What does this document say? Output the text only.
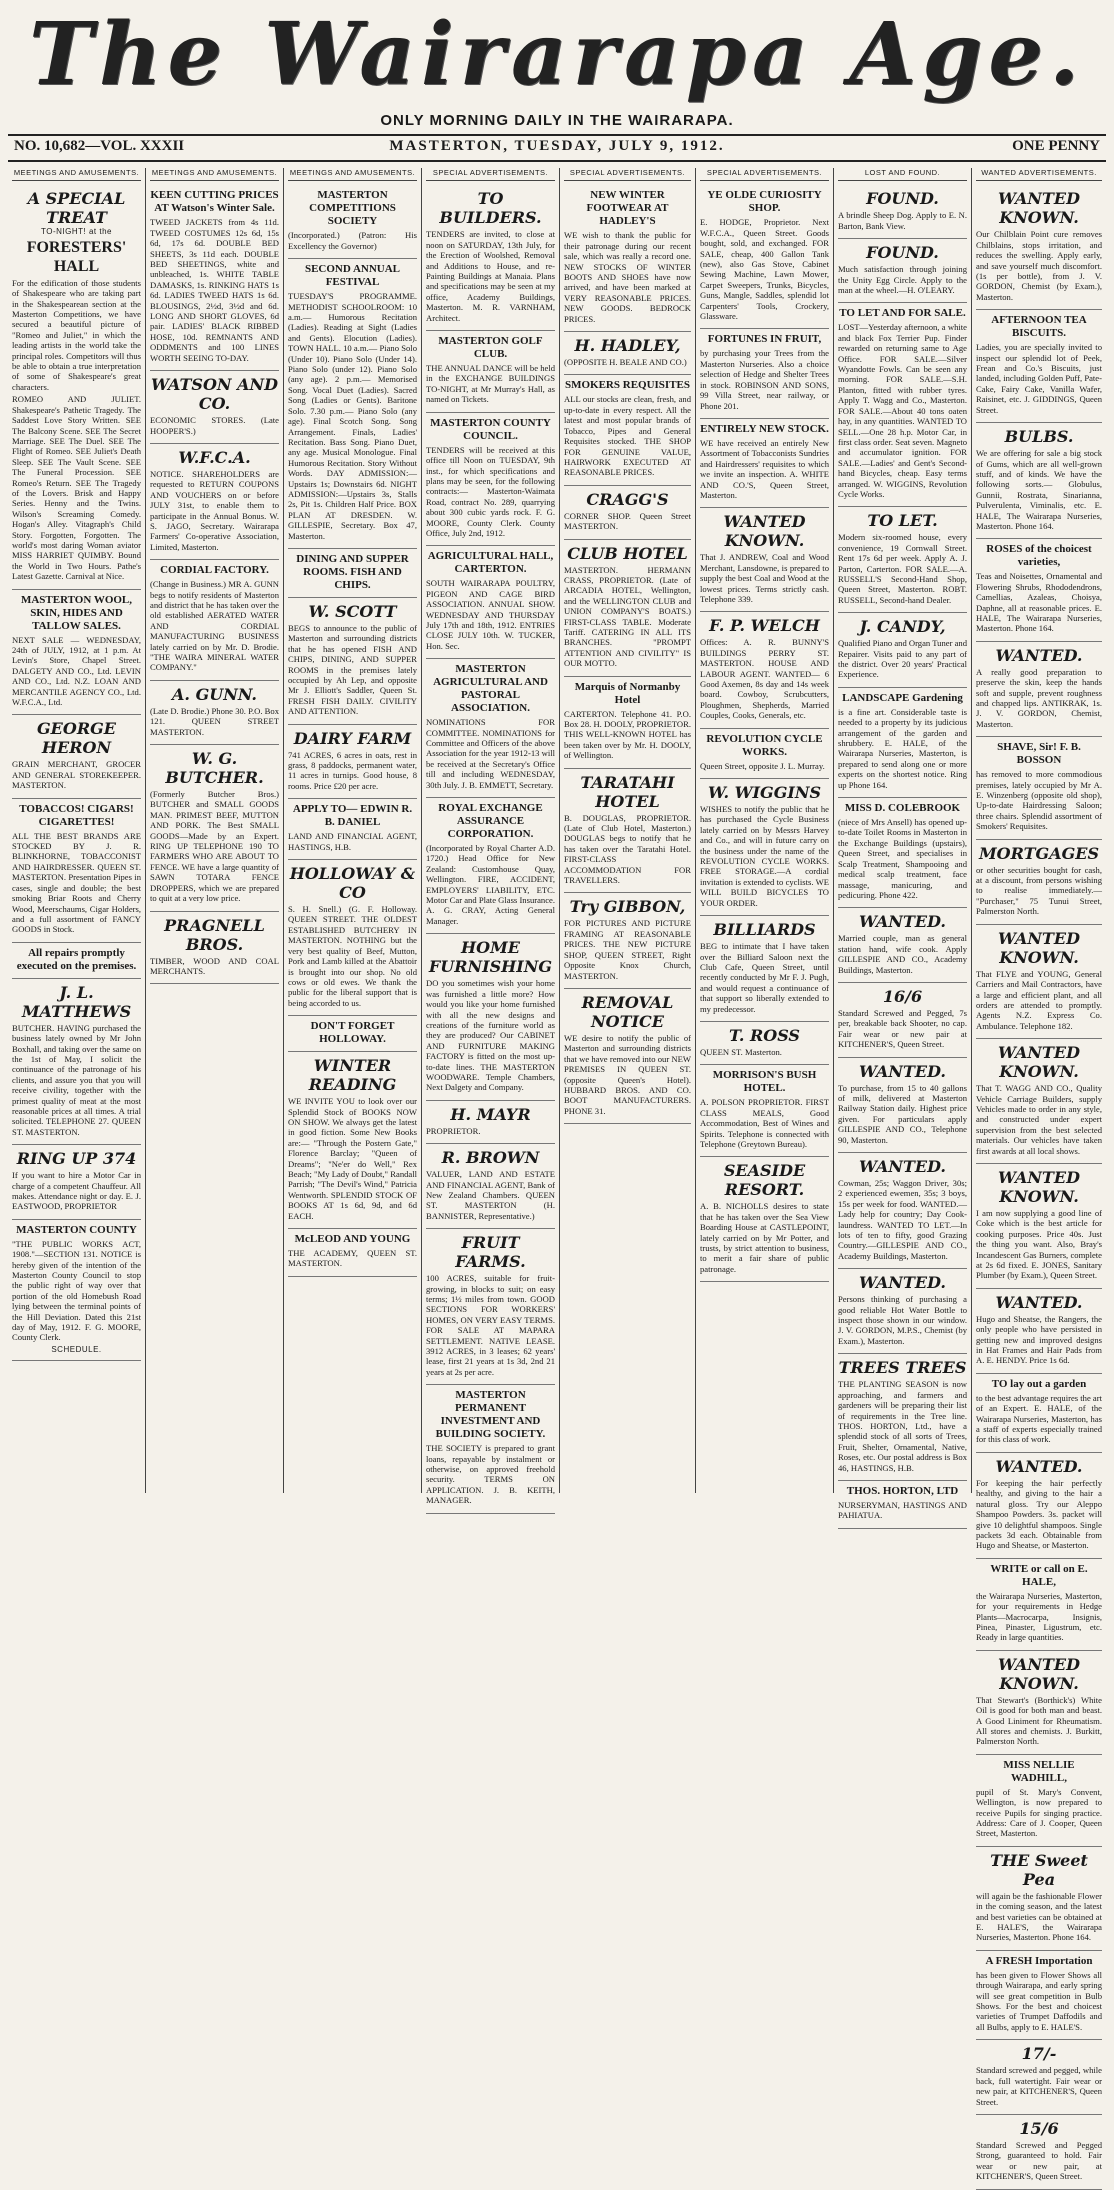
The Wairarapa Age.
ONLY MORNING DAILY IN THE WAIRARAPA.
NO. 10,682—VOL. XXXII	MASTERTON, TUESDAY, JULY 9, 1912.	ONE PENNY
MEETINGS AND AMUSEMENTS.
A SPECIAL TREAT
TO-NIGHT! at the
FORESTERS' HALL

For the edification of those students of Shakespeare who are taking part in the Shakespearean section at the Masterton Competitions, we have secured a beautiful picture of "Romeo and Juliet," in which the leading artists in the world take the principal roles. Competitors will thus be able to obtain a true interpretation of some of Shakespeare's great characters.

ROMEO AND JULIET. Shakespeare's Pathetic Tragedy. The Saddest Love Story Written. SEE The Balcony Scene. SEE The Secret Marriage. SEE The Duel. SEE The Flight of Romeo. SEE Juliet's Death Sleep. SEE The Vault Scene. SEE The Funeral Procession. SEE Romeo's Return. SEE The Tragedy of the Lovers. Brisk and Happy Series. Henny and the Twins. Wilson's Screaming Comedy. Hogan's Alley. Vitagraph's Child Story. Forgotten, Forgotten. The world's most daring Woman aviator MISS HARRIET QUIMBY. Bound the World in Two Hours. Pathe's Latest Gazette. Carnival at Nice.

MASTERTON WOOL, SKIN, HIDES AND TALLOW SALES.

NEXT SALE — WEDNESDAY, 24th of JULY, 1912, at 1 p.m. At Levin's Store, Chapel Street. DALGETY AND CO., Ltd. LEVIN AND CO., Ltd. N.Z. LOAN AND MERCANTILE AGENCY CO., Ltd. W.F.C.A., Ltd.

GEORGE HERON

GRAIN MERCHANT, GROCER AND GENERAL STOREKEEPER. MASTERTON.

TOBACCOS! CIGARS! CIGARETTES!

ALL THE BEST BRANDS ARE STOCKED BY J. R. BLINKHORNE, TOBACCONIST AND HAIRDRESSER. QUEEN ST. MASTERTON. Presentation Pipes in cases, single and double; the best smoking Briar Roots and Cherry Wood, Meerschaums, Cigar Holders, and a full assortment of FANCY GOODS in Stock.

All repairs promptly executed on the premises.
J. L. MATTHEWS

BUTCHER. HAVING purchased the business lately owned by Mr John Boxhall, and taking over the same on the 1st of May, I solicit the continuance of the patronage of his clients, and assure you that you will receive civility, together with the primest quality of meat at the most reasonable prices at all times. A trial solicited. TELEPHONE 27. QUEEN ST. MASTERTON.

RING UP 374

If you want to hire a Motor Car in charge of a competent Chauffeur. All makes. Attendance night or day. E. J. EASTWOOD, PROPRIETOR

MASTERTON COUNTY

"THE PUBLIC WORKS ACT, 1908."—SECTION 131. NOTICE is hereby given of the intention of the Masterton County Council to stop the public right of way over that portion of the old Homebush Road lying between the terminal points of the Hill Deviation. Dated this 21st day of May, 1912. F. G. MOORE, County Clerk.

SCHEDULE.
MEETINGS AND AMUSEMENTS.
KEEN CUTTING PRICES AT Watson's Winter Sale.

TWEED JACKETS from 4s 11d. TWEED COSTUMES 12s 6d, 15s 6d, 17s 6d. DOUBLE BED SHEETS, 3s 11d each. DOUBLE BED SHEETINGS, white and unbleached, 1s. WHITE TABLE DAMASKS, 1s. RINKING HATS 1s 6d. LADIES TWEED HATS 1s 6d. BLOUSINGS, 2½d, 3½d and 6d. LONG AND SHORT GLOVES, 6d pair. LADIES' BLACK RIBBED HOSE, 10d. REMNANTS AND ODDMENTS and 100 LINES WORTH SEEING TO-DAY.

WATSON AND CO.

ECONOMIC STORES. (Late HOOPER'S.)

W.F.C.A.

NOTICE. SHAREHOLDERS are requested to RETURN COUPONS AND VOUCHERS on or before JULY 31st, to enable them to participate in the Annual Bonus. W. S. JAGO, Secretary. Wairarapa Farmers' Co-operative Association, Limited, Masterton.

CORDIAL FACTORY.

(Change in Business.) MR A. GUNN begs to notify residents of Masterton and district that he has taken over the old established AERATED WATER AND CORDIAL MANUFACTURING BUSINESS lately carried on by Mr. D. Brodie. "THE WAIRA MINERAL WATER COMPANY."

A. GUNN.

(Late D. Brodie.) Phone 30. P.O. Box 121. QUEEN STREET MASTERTON.

W. G. BUTCHER.

(Formerly Butcher Bros.) BUTCHER and SMALL GOODS MAN. PRIMEST BEEF, MUTTON AND PORK. The Best SMALL GOODS—Made by an Expert. RING UP TELEPHONE 190 TO FARMERS WHO ARE ABOUT TO FENCE. WE have a large quantity of SAWN TOTARA FENCE DROPPERS, which we are prepared to quit at a very low price.

PRAGNELL BROS.

TIMBER, WOOD AND COAL MERCHANTS.

MEETINGS AND AMUSEMENTS.
MASTERTON COMPETITIONS SOCIETY

(Incorporated.) (Patron: His Excellency the Governor)

SECOND ANNUAL FESTIVAL

TUESDAY'S PROGRAMME. METHODIST SCHOOLROOM: 10 a.m.— Humorous Recitation (Ladies). Reading at Sight (Ladies and Gents). Elocution (Ladies). TOWN HALL. 10 a.m.— Piano Solo (Under 10). Piano Solo (Under 14). Piano Solo (under 12). Piano Solo (any age). 2 p.m.— Memorised Song. Vocal Duet (Ladies). Sacred Song (Ladies or Gents). Baritone Solo. 7.30 p.m.— Piano Solo (any age). Final Scotch Song. Song Arrangement. Finals, Ladies' Recitation. Bass Song. Piano Duet, any age. Musical Monologue. Final Humorous Recitation. Story Without Words. DAY ADMISSION:—Upstairs 1s; Downstairs 6d. NIGHT ADMISSION:—Upstairs 3s, Stalls 2s, Pit 1s. Children Half Price. BOX PLAN AT DRESDEN. W. GILLESPIE, Secretary. Box 47, Masterton.

DINING AND SUPPER ROOMS. FISH AND CHIPS.
W. SCOTT

BEGS to announce to the public of Masterton and surrounding districts that he has opened FISH AND CHIPS, DINING, AND SUPPER ROOMS in the premises lately occupied by Ah Lep, and opposite Mr J. Elliott's Saddler, Queen St. FRESH FISH DAILY. CIVILITY AND ATTENTION.

DAIRY FARM

741 ACRES, 6 acres in oats, rest in grass, 8 paddocks, permanent water, 11 acres in turnips. Good house, 8 rooms. Price £20 per acre.

APPLY TO— EDWIN R. B. DANIEL

LAND AND FINANCIAL AGENT, HASTINGS, H.B.

HOLLOWAY & CO

S. H. Snell.) (G. F. Holloway. QUEEN STREET. THE OLDEST ESTABLISHED BUTCHERY IN MASTERTON. NOTHING but the very best quality of Beef, Mutton, Pork and Lamb killed at the Abattoir is brought into our shop. No old cows or old ewes. We thank the public for the liberal support that is being accorded to us.

DON'T FORGET HOLLOWAY.
WINTER READING

WE INVITE YOU to look over our Splendid Stock of BOOKS NOW ON SHOW. We always get the latest in good fiction. Some New Books are:— "Through the Postern Gate," Florence Barclay; "Queen of Dreams"; "Ne'er do Well," Rex Beach; "My Lady of Doubt," Randall Parrish; "The Devil's Wind," Patricia Wentworth. SPLENDID STOCK OF BOOKS AT 1s 6d, 9d, and 6d EACH.

McLEOD AND YOUNG

THE ACADEMY, QUEEN ST. MASTERTON.

SPECIAL ADVERTISEMENTS.
TO BUILDERS.

TENDERS are invited, to close at noon on SATURDAY, 13th July, for the Erection of Woolshed, Removal and Additions to House, and re-Painting Buildings at Manaia. Plans and specifications may be seen at my office, Academy Buildings, Masterton. M. R. VARNHAM, Architect.

MASTERTON GOLF CLUB.

THE ANNUAL DANCE will be held in the EXCHANGE BUILDINGS TO-NIGHT, at Mr Murray's Hall, as named on Tickets.

MASTERTON COUNTY COUNCIL.

TENDERS will be received at this office till Noon on TUESDAY, 9th inst., for which specifications and plans may be seen, for the following contracts:— Masterton-Waimata Road, contract No. 289, quarrying about 300 cubic yards rock. F. G. MOORE, County Clerk. County Office, July 2nd, 1912.

AGRICULTURAL HALL, CARTERTON.

SOUTH WAIRARAPA POULTRY, PIGEON AND CAGE BIRD ASSOCIATION. ANNUAL SHOW. WEDNESDAY AND THURSDAY July 17th and 18th, 1912. ENTRIES CLOSE JULY 10th. W. TUCKER, Hon. Sec.

MASTERTON AGRICULTURAL AND PASTORAL ASSOCIATION.

NOMINATIONS FOR COMMITTEE. NOMINATIONS for Committee and Officers of the above Association for the year 1912-13 will be received at the Secretary's Office till and including WEDNESDAY, 30th July. J. B. EMMETT, Secretary.

ROYAL EXCHANGE ASSURANCE CORPORATION.

(Incorporated by Royal Charter A.D. 1720.) Head Office for New Zealand: Customhouse Quay, Wellington. FIRE, ACCIDENT, EMPLOYERS' LIABILITY, ETC. Motor Car and Plate Glass Insurance. A. G. CRAY, Acting General Manager.

HOME FURNISHING

DO you sometimes wish your home was furnished a little more? How would you like your home furnished with all the new designs and creations of the furniture world as they are produced? Our CABINET AND FURNITURE MAKING FACTORY is fitted on the most up-to-date lines. THE MASTERTON WOODWARE. Temple Chambers, Next Dalgety and Company.

H. MAYR

PROPRIETOR.

R. BROWN

VALUER, LAND AND ESTATE AND FINANCIAL AGENT, Bank of New Zealand Chambers. QUEEN ST. MASTERTON (H. BANNISTER, Representative.)

FRUIT FARMS.

100 ACRES, suitable for fruit-growing, in blocks to suit; on easy terms; 1½ miles from town. GOOD SECTIONS FOR WORKERS' HOMES, ON VERY EASY TERMS. FOR SALE AT MAPARA SETTLEMENT. NATIVE LEASE. 3912 ACRES, in 3 leases; 62 years' lease, first 21 years at 1s 3d, 2nd 21 years at 2s per acre.

MASTERTON PERMANENT INVESTMENT AND BUILDING SOCIETY.

THE SOCIETY is prepared to grant loans, repayable by instalment or otherwise, on approved freehold security. TERMS ON APPLICATION. J. B. KEITH, MANAGER.

SPECIAL ADVERTISEMENTS.
NEW WINTER FOOTWEAR AT HADLEY'S

WE wish to thank the public for their patronage during our recent sale, which was really a record one. NEW STOCKS OF WINTER BOOTS AND SHOES have now arrived, and have been marked at VERY REASONABLE PRICES. NEW GOODS. BEDROCK PRICES.

H. HADLEY,

(OPPOSITE H. BEALE AND CO.)

SMOKERS REQUISITES

ALL our stocks are clean, fresh, and up-to-date in every respect. All the latest and most popular brands of Tobacco, Pipes and General Requisites stocked. THE SHOP FOR GENUINE VALUE, HAIRWORK EXECUTED AT REASONABLE PRICES.

CRAGG'S

CORNER SHOP. Queen Street MASTERTON.

CLUB HOTEL

MASTERTON. HERMANN CRASS, PROPRIETOR. (Late of ARCADIA HOTEL, Wellington, and the WELLINGTON CLUB and UNION COMPANY'S BOATS.) FIRST-CLASS TABLE. Moderate Tariff. CATERING IN ALL ITS BRANCHES. "PROMPT ATTENTION AND CIVILITY" IS OUR MOTTO.

Marquis of Normanby Hotel

CARTERTON. Telephone 41. P.O. Box 28. H. DOOLY, PROPRIETOR. THIS WELL-KNOWN HOTEL has been taken over by Mr. H. DOOLY, of Wellington.

TARATAHI HOTEL

B. DOUGLAS, PROPRIETOR. (Late of Club Hotel, Masterton.) DOUGLAS begs to notify that he has taken over the Taratahi Hotel. FIRST-CLASS ACCOMMODATION FOR TRAVELLERS.

Try GIBBON,

FOR PICTURES AND PICTURE FRAMING AT REASONABLE PRICES. THE NEW PICTURE SHOP, QUEEN STREET, Right Opposite Knox Church, MASTERTON.

REMOVAL NOTICE

WE desire to notify the public of Masterton and surrounding districts that we have removed into our NEW PREMISES IN QUEEN ST. (opposite Queen's Hotel). HUBBARD BROS. AND CO. BOOT MANUFACTURERS. PHONE 31.

SPECIAL ADVERTISEMENTS.
YE OLDE CURIOSITY SHOP.

E. HODGE, Proprietor. Next W.F.C.A., Queen Street. Goods bought, sold, and exchanged. FOR SALE, cheap, 400 Gallon Tank (new), also Gas Stove, Cabinet Sewing Machine, Lawn Mower, Carpet Sweepers, Trunks, Bicycles, Guns, Mangle, Saddles, splendid lot Carpenters' Tools, Crockery, Glassware.

FORTUNES IN FRUIT,

by purchasing your Trees from the Masterton Nurseries. Also a choice selection of Hedge and Shelter Trees in stock. ROBINSON AND SONS, 99 Villa Street, near railway, or Phone 201.

ENTIRELY NEW STOCK.

WE have received an entirely New Assortment of Tobacconists Sundries and Hairdressers' requisites to which we invite an inspection. A. WHITE AND CO.'S, Queen Street, Masterton.

WANTED KNOWN.

That J. ANDREW, Coal and Wood Merchant, Lansdowne, is prepared to supply the best Coal and Wood at the lowest prices. Terms strictly cash. Telephone 339.

F. P. WELCH

Offices: A. R. BUNNY'S BUILDINGS PERRY ST. MASTERTON. HOUSE AND LABOUR AGENT. WANTED— 6 Good Axemen, 8s day and 14s week board. Cowboy, Scrubcutters, Ploughmen, Shepherds, Married Couples, Cooks, Generals, etc.

REVOLUTION CYCLE WORKS.

Queen Street, opposite J. L. Murray.

W. WIGGINS

WISHES to notify the public that he has purchased the Cycle Business lately carried on by Messrs Harvey and Co., and will in future carry on the business under the name of the REVOLUTION CYCLE WORKS. FREE STORAGE.—A cordial invitation is extended to cyclists. WE WILL BUILD BICYCLES TO YOUR ORDER.

BILLIARDS

BEG to intimate that I have taken over the Billiard Saloon next the Club Cafe, Queen Street, until recently conducted by Mr F. J. Pugh, and would request a continuance of that support so liberally extended to my predecessor.

T. ROSS

QUEEN ST. Masterton.

MORRISON'S BUSH HOTEL.

A. POLSON PROPRIETOR. FIRST CLASS MEALS, Good Accommodation, Best of Wines and Spirits. Telephone is connected with Telephone (Greytown Bureau).

SEASIDE RESORT.

A. B. NICHOLLS desires to state that he has taken over the Sea View Boarding House at CASTLEPOINT, lately carried on by Mr Potter, and trusts, by strict attention to business, to merit a fair share of public patronage.

LOST AND FOUND.
FOUND.

A brindle Sheep Dog. Apply to E. N. Barton, Bank View.

FOUND.

Much satisfaction through joining the Unity Egg Circle. Apply to the man at the wheel.—H. O'LEARY.

TO LET AND FOR SALE.

LOST—Yesterday afternoon, a white and black Fox Terrier Pup. Finder rewarded on returning same to Age Office. FOR SALE.—Silver Wyandotte Fowls. Can be seen any morning. FOR SALE.—S.H. Planton, fitted with rubber tyres. Apply T. Wagg and Co., Masterton. FOR SALE.—About 40 tons oaten hay, in any quantities. WANTED TO SELL.—One 28 h.p. Motor Car, in first class order. Seat seven. Magneto and accumulator ignition. FOR SALE.—Ladies' and Gent's Second-hand Bicycles, cheap. Easy terms arranged. W. WIGGINS, Revolution Cycle Works.

TO LET.

Modern six-roomed house, every convenience, 19 Cornwall Street. Rent 17s 6d per week. Apply A. J. Parton, Carterton. FOR SALE.—A. RUSSELL'S Second-Hand Shop, Queen Street, Masterton. ROBT. RUSSELL, Second-hand Dealer.

J. CANDY,

Qualified Piano and Organ Tuner and Repairer. Visits paid to any part of the district. Over 20 years' Practical Experience.

LANDSCAPE Gardening

is a fine art. Considerable taste is needed to a property by its judicious arrangement of the garden and shrubbery. E. HALE, of the Wairarapa Nurseries, Masterton, is prepared to send along one or more experts on the shortest notice. Ring up Phone 164.

MISS D. COLEBROOK

(niece of Mrs Ansell) has opened up-to-date Toilet Rooms in Masterton in the Exchange Buildings (upstairs), Queen Street, and specialises in Scalp Treatment, Shampooing and medical scalp treatment, face massage, manicuring, and pedicuring. Phone 422.

WANTED.

Married couple, man as general station hand, wife cook. Apply GILLESPIE AND CO., Academy Buildings, Masterton.

16/6

Standard Screwed and Pegged, 7s per, breakable back Shooter, no cap. Fair wear or new pair at KITCHENER'S, Queen Street.

WANTED.

To purchase, from 15 to 40 gallons of milk, delivered at Masterton Railway Station daily. Highest price given. For particulars apply GILLESPIE AND CO., Telephone 90, Masterton.

WANTED.

Cowman, 25s; Waggon Driver, 30s; 2 experienced ewemen, 35s; 3 boys, 15s per week for food. WANTED.—Lady help for country; Day Cook-laundress. WANTED TO LET.—In lots of ten to fifty, good Grazing Country.—GILLESPIE AND CO., Academy Buildings, Masterton.

WANTED.

Persons thinking of purchasing a good reliable Hot Water Bottle to inspect those shown in our window. J. V. GORDON, M.P.S., Chemist (by Exam.), Masterton.

TREES TREES

THE PLANTING SEASON is now approaching, and farmers and gardeners will be preparing their list of requirements in the Tree line. THOS. HORTON, Ltd., have a splendid stock of all sorts of Trees, Fruit, Shelter, Ornamental, Native, Roses, etc. Our postal address is Box 46, HASTINGS, H.B.

THOS. HORTON, LTD

NURSERYMAN, HASTINGS AND PAHIATUA.

WANTED ADVERTISEMENTS.
WANTED KNOWN.

Our Chilblain Point cure removes Chilblains, stops irritation, and reduces the swelling. Apply early, and save yourself much discomfort. (1s per bottle), from J. V. GORDON, Chemist (by Exam.), Masterton.

AFTERNOON TEA BISCUITS.

Ladies, you are specially invited to inspect our splendid lot of Peek, Frean and Co.'s Biscuits, just landed, including Golden Puff, Pate-Cake, Fairy Cake, Vanilla Wafer, Raisinet, etc. J. GIDDINGS, Queen Street.

BULBS.

We are offering for sale a big stock of Gums, which are all well-grown stuff, and of kinds. We have the following sorts.— Globulus, Gunnii, Rostrata, Sinarianna, Pulverulenta, Viminalis, etc. E. HALE, The Wairarapa Nurseries, Masterton. Phone 164.

ROSES of the choicest varieties,

Teas and Noisettes, Ornamental and Flowering Shrubs, Rhododendrons, Camellias, Azaleas, Choisya, Daphne, all at reasonable prices. E. HALE, The Wairarapa Nurseries, Masterton. Phone 164.

WANTED.

A really good preparation to preserve the skin, keep the hands soft and supple, prevent roughness and chapped lips. ANTIKRAK, 1s. J. V. GORDON, Chemist, Masterton.

SHAVE, Sir! F. B. BOSSON

has removed to more commodious premises, lately occupied by Mr A. E. Winzenberg (opposite old shop), Up-to-date Hairdressing Saloon; three chairs. Splendid assortment of Smokers' Requisites.

MORTGAGES

or other securities bought for cash, at a discount, from persons wishing to realise immediately.— "Purchaser," 75 Tunui Street, Palmerston North.

WANTED KNOWN.

That FLYE and YOUNG, General Carriers and Mail Contractors, have a large and efficient plant, and all orders are attended to promptly. Agents N.Z. Express Co. Ambulance. Telephone 182.

WANTED KNOWN.

That T. WAGG AND CO., Quality Vehicle Carriage Builders, supply Vehicles made to order in any style, and constructed under expert supervision from the best selected materials. Our vehicles have taken first awards at all local shows.

WANTED KNOWN.

I am now supplying a good line of Coke which is the best article for cooking purposes. Price 40s. Just the thing you want. Also, Bray's Incandescent Gas Burners, complete at 2s 6d fixed. E. JONES, Sanitary Plumber (by Exam.), Queen Street.

WANTED.

Hugo and Sheatse, the Rangers, the only people who have persisted in getting new and improved designs in Hat Frames and Hair Pads from A. E. HENDY. Price 1s 6d.

TO lay out a garden

to the best advantage requires the art of an Expert. E. HALE, of the Wairarapa Nurseries, Masterton, has a staff of experts especially trained for this class of work.

WANTED.

For keeping the hair perfectly healthy, and giving to the hair a natural gloss. Try our Aleppo Shampoo Powders. 3s. packet will give 10 delightful shampoos. Single packets 3d each. Obtainable from Hugo and Sheatse, or Masterton.

WRITE or call on E. HALE,

the Wairarapa Nurseries, Masterton, for your requirements in Hedge Plants—Macrocarpa, Insignis, Pinea, Pinaster, Ligustrum, etc. Ready in large quantities.

WANTED KNOWN.

That Stewart's (Borthick's) White Oil is good for both man and beast. A Good Liniment for Rheumatism. All stores and chemists. J. Burkitt, Palmerston North.

MISS NELLIE WADHILL,

pupil of St. Mary's Convent, Wellington, is now prepared to receive Pupils for singing practice. Address: Care of J. Cooper, Queen Street, Masterton.

THE Sweet Pea

will again be the fashionable Flower in the coming season, and the latest and best varieties can be obtained at E. HALE'S, the Wairarapa Nurseries, Masterton. Phone 164.

A FRESH Importation

has been given to Flower Shows all through Wairarapa, and early spring will see great competition in Bulb Shows. For the best and choicest varieties of Trumpet Daffodils and all Bulbs, apply to E. HALE'S.

17/-

Standard screwed and pegged, while back, full watertight. Fair wear or new pair, at KITCHENER'S, Queen Street.

15/6

Standard Screwed and Pegged Strong, guaranteed to hold. Fair wear or new pair, at KITCHENER'S, Queen Street.
